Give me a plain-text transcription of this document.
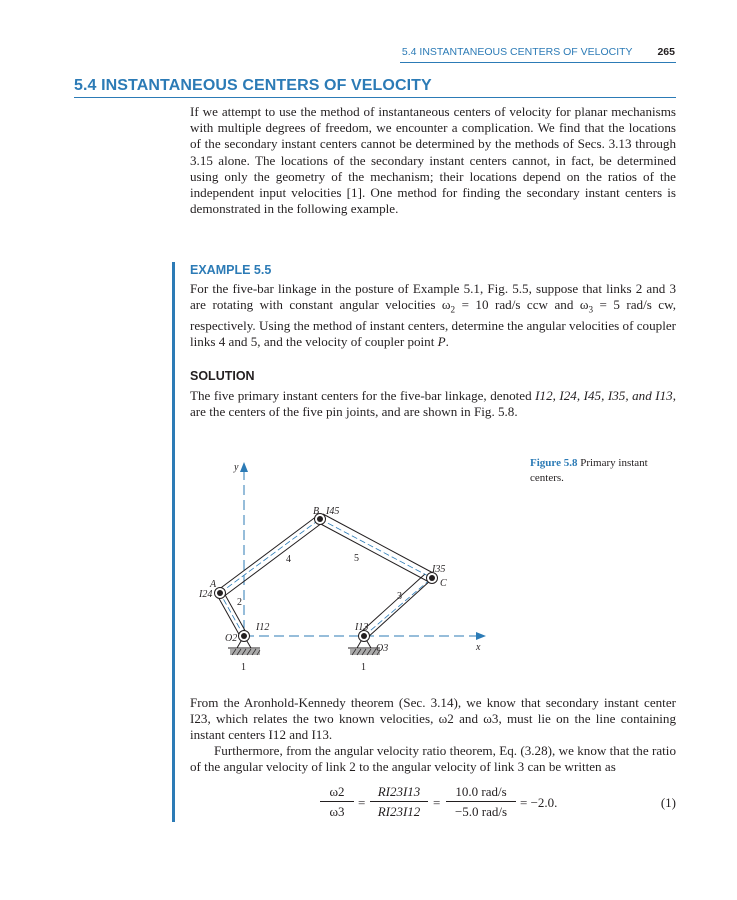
5.4 INSTANTANEOUS CENTERS OF VELOCITY 265
5.4 INSTANTANEOUS CENTERS OF VELOCITY

If we attempt to use the method of instantaneous centers of velocity for planar mechanisms with multiple degrees of freedom, we encounter a complication. We find that the locations of the secondary instant centers cannot be determined by the methods of Secs. 3.13 through 3.15 alone. The locations of the secondary instant centers cannot, in fact, be determined using only the geometry of the mechanism; their locations depend on the ratios of the independent input velocities [1]. One method for finding the secondary instant centers is demonstrated in the following example.

EXAMPLE 5.5

For the five-bar linkage in the posture of Example 5.1, Fig. 5.5, suppose that links 2 and 3 are rotating with constant angular velocities $\omega_2 = 10$ rad/s ccw and $\omega_3 = 5$ rad/s cw, respectively. Using the method of instant centers, determine the angular velocities of coupler links 4 and 5, and the velocity of coupler point P.

SOLUTION

The five primary instant centers for the five-bar linkage, denoted I12, I24, I45, I35, and I13, are the centers of the five pin joints, and are shown in Fig. 5.8.

Figure 5.8 Primary instant centers.
y
x
B I45
A
I24
C
I35
O2
O3
I12	I13
1	1
2
3
4	5

From the Aronhold-Kennedy theorem (Sec. 3.14), we know that secondary instant center I23, which relates the two known velocities, ω2 and ω3, must lie on the line containing instant centers I12 and I13.

Furthermore, from the angular velocity ratio theorem, Eq. (3.28), we know that the ratio of the angular velocity of link 2 to the angular velocity of link 3 can be written as

$\frac{\omega 2}{\omega 3} = \frac{RI23I13}{RI23I12}$ =
10.0 rad/s
−5.0 rad/s
= −2.0.	(1)
